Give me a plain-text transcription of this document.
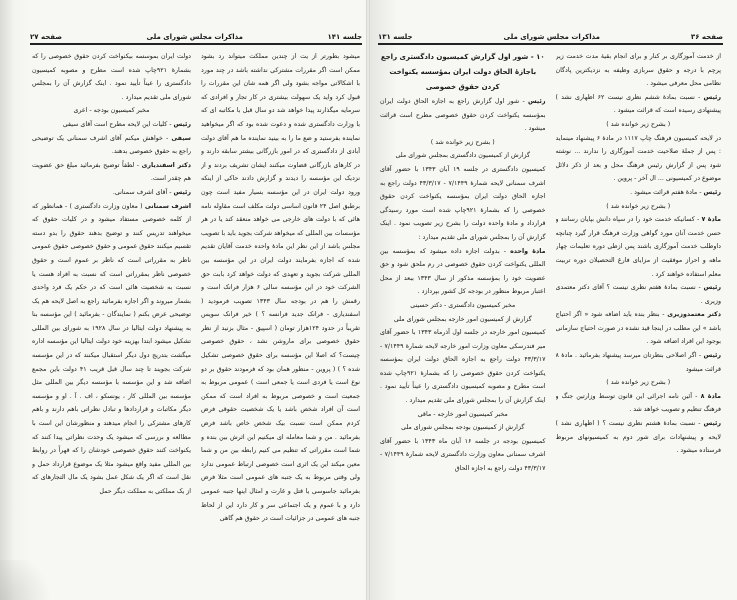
جلسه ۱۴۱
مذاکرات مجلس شورای ملی
صفحه ۲۷

میشود بطورتر از یت از چندین مملکت میتواند رد بشود ممکن است اگر مقررات مشترکی نداشته باشد در چند مورد با اشکالاتی مواجه بشود ولی اگر همه شان این مقررات را قبول کرد واید یک سهولت بیشتری در کار تجار و افرادی که سرمایه میگذارند پیدا خواهد شد دو سال قبل با مکاتبه ای که با وزارت دادگستری شده و دعوت شده بود که اگر میخواهید نماینده بفرستید و ضع ما را به بینید نماینده ما هم آقای دولت آبادی از دادگستری که در امور بازرگانی بیشتر سابقه دارند و در کارهای بازرگانی قضاوت میکنند ایشان تشریف بردند و از نزدیک این مؤسسه را دیدند و گزارش دادند حاکی از اینکه ورود دولت ایران در این مؤسسه بسیار مفید است چون برطبق اصل ۲۴ قانون اساسی دولت مکلف است مقاوله نامه هائی که با دولت های خارجی می خواهد منعقد کند یا در هر مؤسسات بین المللی که میخواهد شرکت بجوید باید با تصویب مجلس باشد از این نظر این مادهٔ واحده خدمت آقایان تقدیم شده که اجازه بفرمایند دولت ایران در این مؤسسه بین المللی شرکت بجوید و تعهدی که دولت خواهد کرد بابت حق الشرکت خود در این مؤسسه سالی ۶ هزار فرانک است و رقمش را هم در بودجه سال ۱۳۴۳ تصویب فرمودید ( اسفندیاری - فرانک جدید فرانسه ؟ ) خیر فرانک سویس تقریباً در حدود ۱۲۴هزار تومان ( اسپیق - مثال بزنید از نظر حقوق خصوصی برای ماروشن نشد ، حقوق خصوصی چیست؟ که اصلا این مؤسسه برای حقوق خصوصی تشکیل شده ؟ ) ( پروین - منظور همان بود که فرمودند حقوق بر دو نوع است یا فردی است یا جمعی است ) عمومی مربوط به جمعیت است و خصوصی مربوط به افراد است که ممکن است آن افراد شخص باشد یا یک شخصیت حقوقی فرض کردم ممکن است نسبت بیک شخص خاص باشد فرض بفرمائید . من و شما معامله ای میکنیم این اثرش بین بنده و شما است مقرراتی که تنظیم می کنیم رابطه بین من و شما معین میکند این یک اثری است خصوصی ارتباط عمومی ندارد ولی وقتی مربوط به یک جنبه های عمومی است مثلا فرض بفرمائید جاسوسی یا قتل و غارت و امثال اینها جنبه عمومی دارد و با عموم و یک اجتماعی سر و کار دارد این از لحاظ جنبه های عمومی در جزائیات است در حقوق هم گاهی

دولت ایران بموسسه بیکنواخت کردن حقوق خصوصی را که بشمارهٔ ۹۲۱چاپ شده است مطرح و مصوبه کمیسیون دادگستری را عیناً تأیید نمود . اینک گزارش آن را بمجلس شورای ملی تقدیم میدارد .

مخبر کمیسیون بودجه - اعری

رئیس - کلیات این لایحه مطرح است آقای سیفی

سیفی - خواهش میکنم آقای اشرف سمنانی یک توضیحی راجع به حقوق خصوصی بدهند.

دکتر اسفندیاری - لطفاً توضیح بفرمائید مبلغ حق عضویت هم چقدر است.

رئیس - آقای اشرف سمنانی.

اشرف سمنانی ( معاون وزارت دادگستری ) - همانطور که از کلمه خصوصی مستفاد میشود و در کلیات حقوق که میخواهند تدریس کنند و توضیح بدهند حقوق را بدو دسته تقسیم میکنند حقوق عمومی و حقوق خصوصی حقوق عمومی ناظر به مقرراتی است که ناظر بر عموم است و حقوق خصوصی ناظر بمقرراتی است که نسبت به افراد هست یا نسبت به شخصیت هائی است که در حکم یک فرد واحدی بشمار میروند و اگر اجازه بفرمائید راجع به اصل لایحه هم یک توضیحی عرض بکنم ( نمایندگان - بفرمائید ) این مؤسسه بنا به پیشنهاد دولت ایتالیا در سال ۱۹۲۸ به شورای بین المللی تشکیل میشود ابتدا بهزینه خود دولت ایتالیا این مؤسسه اداره میگشت بتدریج دول دیگر استقبال میکنند که در این مؤسسه شرکت بجویند تا چند سال قبل قریب ۴۱ دولت باین مجمع اضافه شد و این مؤسسه با مؤسسه دیگر بین المللی مثل مؤسسه بین المللی کار ، یونسکو ، اف . آ . او و مؤسسه دیگر مکاتبات و قراردادها و تبادل نظراتی باهم دارند و باهم کارهای مشترکی را انجام میدهند و منظورشان این است با مطالعه و بررسی که میشود یک وحدت نظراتی پیدا کنند که یکنواخت کنند حقوق خصوصی خودشان را که قهراً در روابط بین المللی مفید واقع میشود مثلا یک موضوع قرارداد حمل و نقل است که اگر یک شکل عمل بشود یک مال التجارهای که از یک مملکتی به مملکت دیگر حمل

صفحه ۳۶
مذاکرات مجلس شورای ملی
جلسه ۱۳۱

از خدمت آموزگاری بر کنار و برای انجام بقیهٔ مدت خدمت زیر پرچم با درجه و حقوق سربازی وظیفه به نزدیکترین پادگان نظامی محل معرفی میشود .

رئیس - نسبت بمادهٔ ششم نظری نیست ۶۲ اظهاری نشد ) پیشنهادی رسیده است که قرائت میشود .

( بشرح زیر خوانده شد )

در لایحه کمیسیون فرهنگ چاپ ۱۱۱۷ در مادهٔ ۶ پیشنهاد مینماید : پس از جملهٔ صلاحیت خدمت آموزگاری را ندارند ... نوشته شود پس از گزارش رئیس فرهنگ محل و بعد از ذکر دلائل موضوع در کمیسیونی ... ال آخر - پروین .

رئیس - مادهٔ هفتم قرائت میشود .

( بشرح زیر خوانده شد )

مادهٔ ۷ - کسانیکه خدمت خود را در سپاه دانش بپایان رسانند و حسن خدمت آنان مورد گواهی وزارت فرهنگ قرار گیرد چنانچه داوطلب خدمت آموزگاری باشند پس ازطی دوره تعلیمات چهار ماهه و احراز موفقیت از مزایای فارغ التحصیلان دوره تربیت معلم استفاده خواهند کرد .

رئیس - نسبت بمادهٔ هفتم نظری نیست ؟ آقای دکتر معتمدی وزیری .

دکتر معتمدوزیری - بنظر بنده باید اضافه شود « اگر احتیاج باشد » این مطلب در اینجا قید نشده در صورت احتیاج سازمانی بوجود این افراد اضافه شود .

رئیس - اگر اصلاحی بنظرتان میرسد پیشنهاد بفرمائید . مادهٔ ۸ قرائت میشود

( بشرح زیر خوانده شد )

مادهٔ ۸ - آئین نامه اجرائی این قانون توسط وزارتین جنگ و فرهنگ تنظیم و تصویب خواهد شد .

رئیس - نسبت بمادهٔ هشتم نظری نیست ؟ ( اظهاری نشد ) لایحه و پیشنهادات برای شور دوم به کمیسیونهای مربوط فرستاده میشود .

۱۰ - شور اول گزارش کمیسیون دادگستری راجع باجازهٔ الحاق دولت ایران بمؤسسه یکنواخت کردن حقوق خصوصی

رئیس - شور اول گزارش راجع به اجازه الحاق دولت ایران بمؤسسه یکنواخت کردن حقوق خصوصی مطرح است قرائت میشود .

( بشرح زیر خوانده شد )

گزارش از کمیسیون دادگستری بمجلس شورای ملی

کمیسیون دادگستری در جلسه ۱۹ آبان ۱۳۴۳ با حضور آقای اشرف سمنانی لایحه شمارهٔ ۷/۱۴۴۹ - ۴۳/۳/۱۷ دولت راجع به اجازه الحاق دولت ایران بمؤسسه یکنواخت کردن حقوق خصوصی را که بشمارهٔ ۹۲۱چاپ شده است مورد رسیدگی قرارداد و مادهٔ واحده دولت را بشرح زیر تصویب نمود . اینک گزارش آن را بمجلس شورای ملی تقدیم میدارد :

مادهٔ واحده - بدولت اجازه داده میشود که بمؤسسه بین المللی یکنواخت کردن حقوق خصوصی در رم ملحق شود و حق عضویت خود را بمؤسسه مذکور از سال ۱۳۴۳ ببعد از محل اعتبار مربوط منظور در بودجه کل کشور بپردازد .

مخبر کمیسیون دادگستری - دکتر حسینی

گزارش از کمیسیون امور خارجه بمجلس شورای ملی

کمیسیون امور خارجه در جلسه اول آذرماه ۱۳۴۳ با حضور آقای میر فندرسکی معاون وزارت امور خارجه لایحه شمارهٔ ۷/۱۴۴۹ - ۴۳/۳/۱۷ دولت راجع به اجازه الحاق دولت ایران بمؤسسه یکنواخت کردن حقوق خصوصی را که بشمارهٔ ۹۲۱چاپ شده است مطرح و مصوبه کمیسیون دادگستری را عیناً تأیید نمود . اینک گزارش آن را بمجلس شورای ملی تقدیم میدارد .

مخبر کمیسیون امور خارجه - ماقی

گزارش از کمیسیون بودجه بمجلس شورای ملی

کمیسیون بودجه در جلسه ۱۶ آبان ماه ۱۳۴۳ با حضور آقای اشرف سمنانی معاون وزارت دادگستری لایحه شمارهٔ ۷/۱۴۴۹ - ۴۳/۳/۱۷ دولت راجع به اجازه الحاق
